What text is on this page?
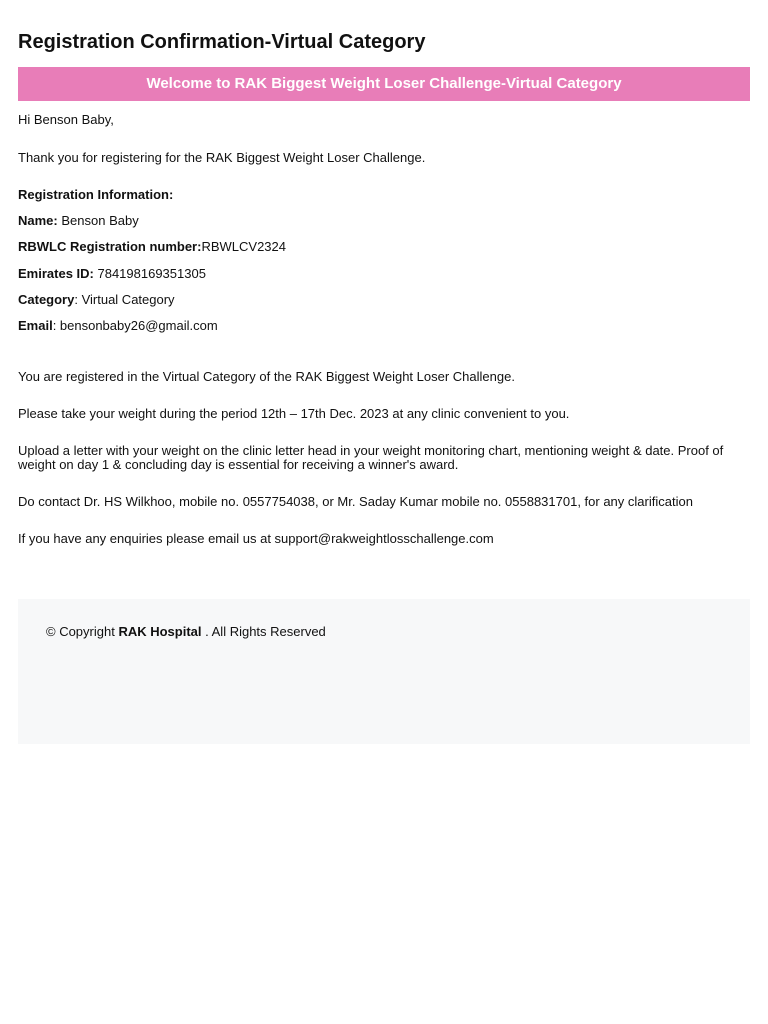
Registration Confirmation-Virtual Category
Welcome to RAK Biggest Weight Loser Challenge-Virtual Category
Hi Benson Baby,
Thank you for registering for the RAK Biggest Weight Loser Challenge.
Registration Information:
Name: Benson Baby
RBWLC Registration number:RBWLCV2324
Emirates ID: 784198169351305
Category: Virtual Category
Email: bensonbaby26@gmail.com
You are registered in the Virtual Category of the RAK Biggest Weight Loser Challenge.
Please take your weight during the period 12th – 17th Dec. 2023 at any clinic convenient to you.
Upload a letter with your weight on the clinic letter head in your weight monitoring chart, mentioning weight & date. Proof of weight on day 1 & concluding day is essential for receiving a winner's award.
Do contact Dr. HS Wilkhoo, mobile no. 0557754038, or Mr. Saday Kumar mobile no. 0558831701, for any clarification
If you have any enquiries please email us at support@rakweightlosschallenge.com
© Copyright RAK Hospital . All Rights Reserved
